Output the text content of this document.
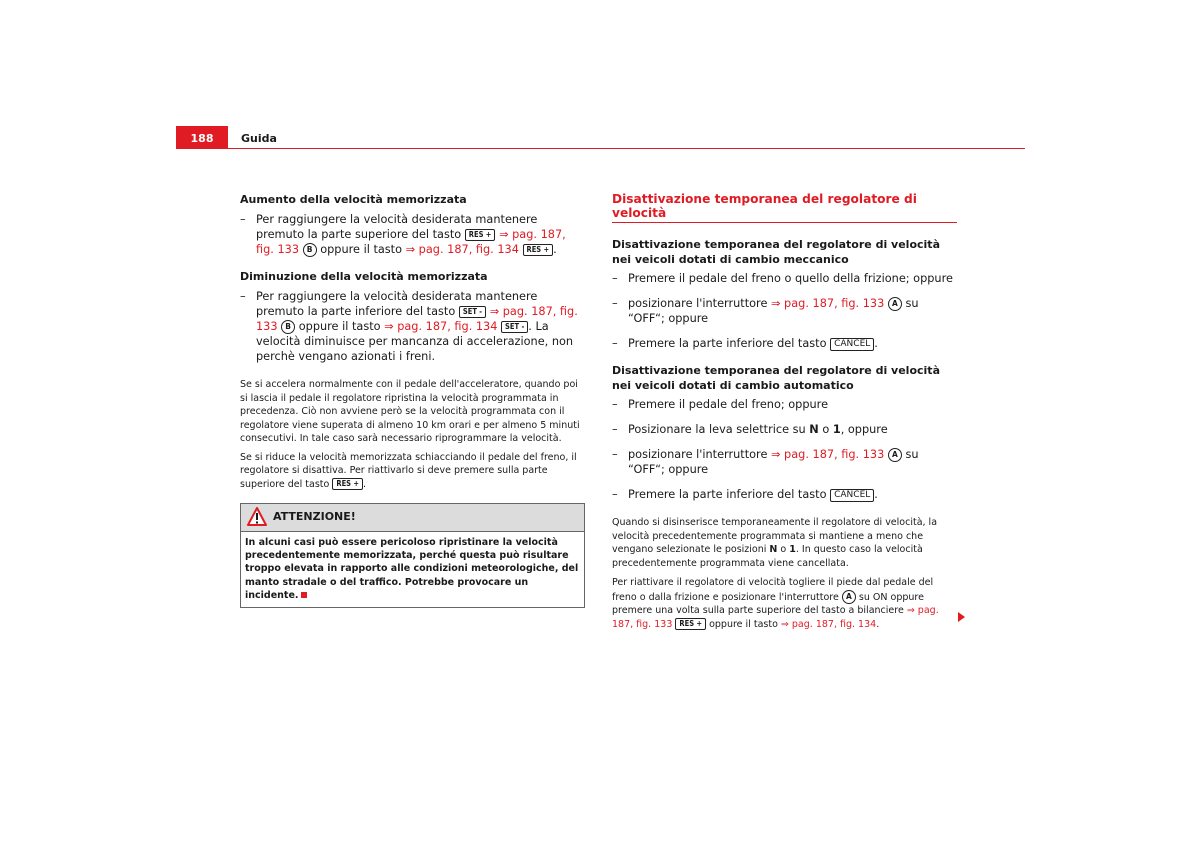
188	Guida

Aumento della velocità memorizzata

– Per raggiungere la velocità desiderata mantenere premuto la parte superiore del tasto RES + ⇒ pag. 187, fig. 133 B oppure il tasto ⇒ pag. 187, fig. 134 RES + .

Diminuzione della velocità memorizzata

– Per raggiungere la velocità desiderata mantenere premuto la parte inferiore del tasto SET - ⇒ pag. 187, fig. 133 B oppure il tasto ⇒ pag. 187, fig. 134 SET - . La velocità diminuisce per mancanza di accelerazione, non perchè vengano azionati i freni.

Se si accelera normalmente con il pedale dell'acceleratore, quando poi si lascia il pedale il regolatore ripristina la velocità programmata in precedenza. Ciò non avviene però se la velocità programmata con il regolatore viene superata di almeno 10 km orari e per almeno 5 minuti consecutivi. In tale caso sarà necessario riprogrammare la velocità.

Se si riduce la velocità memorizzata schiacciando il pedale del freno, il regolatore si disattiva. Per riattivarlo si deve premere sulla parte superiore del tasto RES + .

ATTENZIONE!
In alcuni casi può essere pericoloso ripristinare la velocità precedentemente memorizzata, perché questa può risultare troppo elevata in rapporto alle condizioni meteorologiche, del manto stradale o del traffico. Potrebbe provocare un incidente.

Disattivazione temporanea del regolatore di velocità

Disattivazione temporanea del regolatore di velocità nei veicoli dotati di cambio meccanico

– Premere il pedale del freno o quello della frizione; oppure
– posizionare l'interruttore ⇒ pag. 187, fig. 133 A su “OFF“; oppure
– Premere la parte inferiore del tasto CANCEL .

Disattivazione temporanea del regolatore di velocità nei veicoli dotati di cambio automatico

– Premere il pedale del freno; oppure
– Posizionare la leva selettrice su N o 1, oppure
– posizionare l'interruttore ⇒ pag. 187, fig. 133 A su “OFF“; oppure
– Premere la parte inferiore del tasto CANCEL .

Quando si disinserisce temporaneamente il regolatore di velocità, la velocità precedentemente programmata si mantiene a meno che vengano selezionate le posizioni N o 1. In questo caso la velocità precedentemente programmata viene cancellata.

Per riattivare il regolatore di velocità togliere il piede dal pedale del freno o dalla frizione e posizionare l'interruttore A su ON oppure premere una volta sulla parte superiore del tasto a bilanciere ⇒ pag. 187, fig. 133 RES + oppure il tasto ⇒ pag. 187, fig. 134.
